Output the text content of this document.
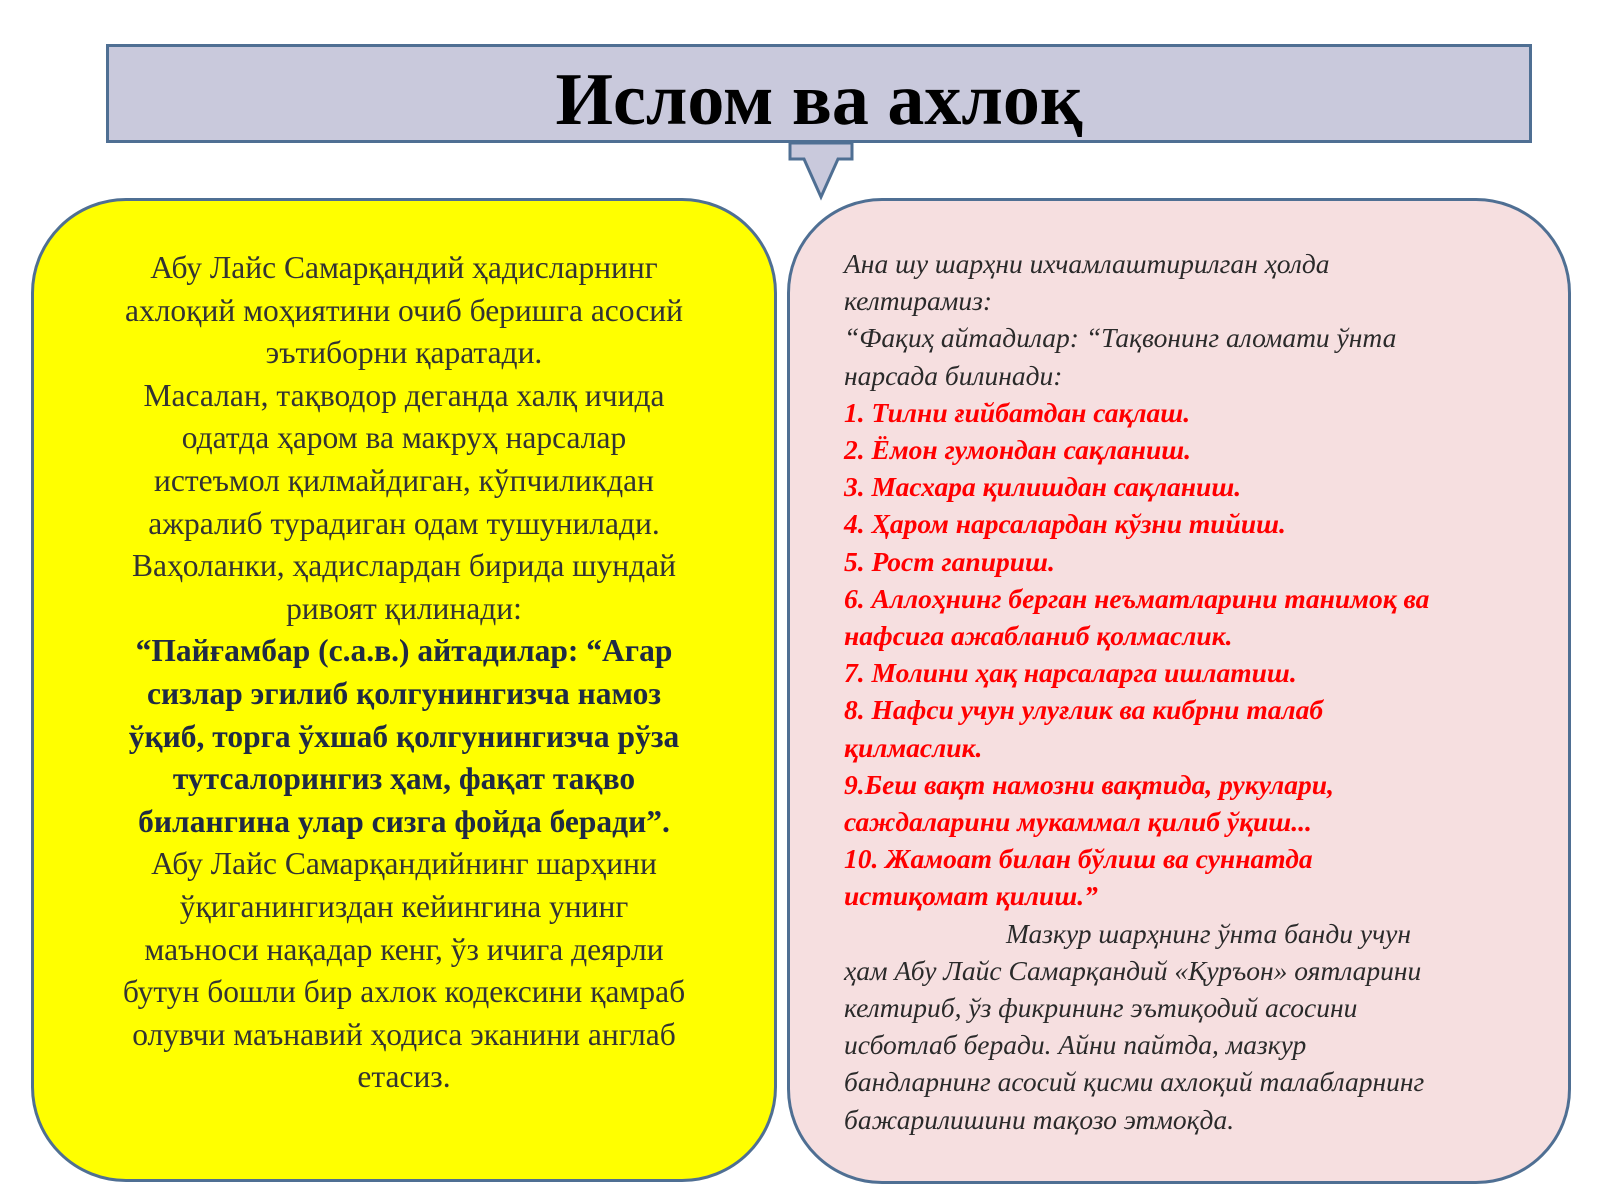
Ислом ва ахлоқ

Абу Лайс Самарқандий ҳадисларнинг

ахлоқий моҳиятини очиб беришга асосий

эътиборни қаратади.

Масалан, тақводор деганда халқ ичида

одатда ҳаром ва макруҳ нарсалар

истеъмол қилмайдиган, кўпчиликдан

ажралиб турадиган одам тушунилади.

Ваҳоланки, ҳадислардан бирида шундай

ривоят қилинади:

“Пайғамбар (с.а.в.) айтадилар: “Агар

сизлар эгилиб қолгунингизча намоз

ўқиб, торга ўхшаб қолгунингизча рўза

тутсалорингиз ҳам, фақат тақво

билангина улар сизга фойда беради”.

Абу Лайс Самарқандийнинг шарҳини

ўқиганингиздан кейингина унинг

маъноси нақадар кенг, ўз ичига деярли

бутун бошли бир ахлок кодексини қамраб

олувчи маънавий ҳодиса эканини англаб

етасиз.

Ана шу шарҳни ихчамлаштирилган ҳолда

келтирамиз:

“Фақиҳ айтадилар: “Тақвонинг аломати ўнта

нарсада билинади:

1. Тилни ғийбатдан сақлаш.

2. Ёмон гумондан сақланиш.

3. Масхара қилишдан сақланиш.

4. Ҳаром нарсалардан кўзни тийиш.

5. Рост гапириш.

6. Аллоҳнинг берган неъматларини танимоқ ва

нафсига ажабланиб қолмаслик.

7. Молини ҳақ нарсаларга ишлатиш.

8. Нафси учун улуғлик ва кибрни талаб

қилмаслик.

9.Беш вақт намозни вақтида, рукулари,

саждаларини мукаммал қилиб ўқиш...

10. Жамоат билан бўлиш ва суннатда

истиқомат қилиш.”

Мазкур шарҳнинг ўнта банди учун

ҳам Абу Лайс Самарқандий «Қуръон» оятларини

келтириб, ўз фикрининг эътиқодий асосини

исботлаб беради. Айни пайтда, мазкур

бандларнинг асосий қисми ахлоқий талабларнинг

бажарилишини тақозо этмоқда.
